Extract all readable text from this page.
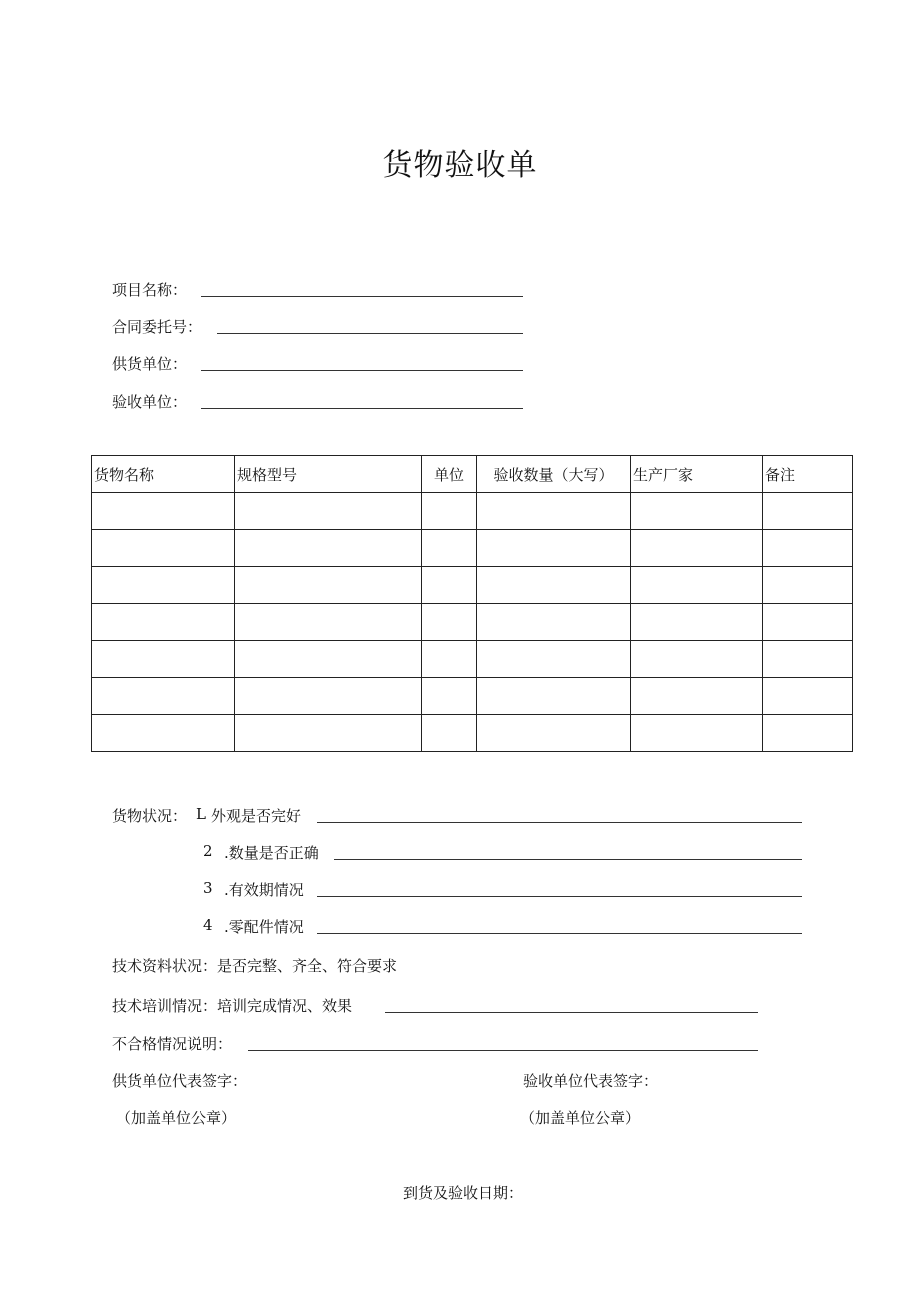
货物验收单
项目名称：
合同委托号：
供货单位：
验收单位：
货物名称	规格型号	单位	验收数量（大写）	生产厂家	备注

货物状况： L 外观是否完好
2 .数量是否正确
3 .有效期情况
4 .零配件情况
技术资料状况：是否完整、齐全、符合要求
技术培训情况：培训完成情况、效果
不合格情况说明：
供货单位代表签字：	验收单位代表签字：
（加盖单位公章）	（加盖单位公章）
到货及验收日期：
